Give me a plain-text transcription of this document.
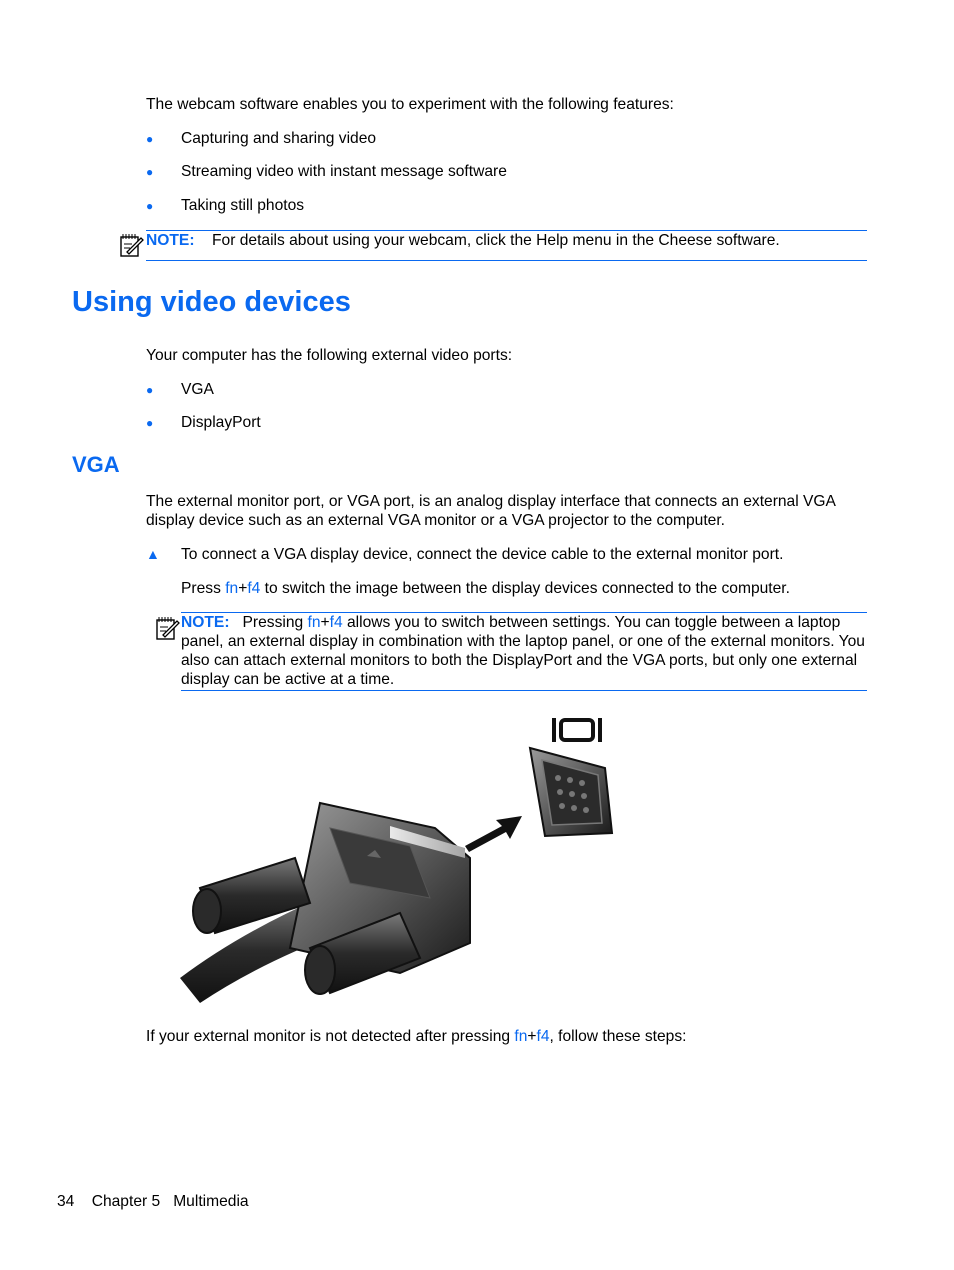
The webcam software enables you to experiment with the following features:
● Capturing and sharing video
● Streaming video with instant message software
● Taking still photos
NOTE: For details about using your webcam, click the Help menu in the Cheese software.
Using video devices
Your computer has the following external video ports:
● VGA
● DisplayPort
VGA
The external monitor port, or VGA port, is an analog display interface that connects an external VGA display device such as an external VGA monitor or a VGA projector to the computer.
▲ To connect a VGA display device, connect the device cable to the external monitor port.
Press fn+f4 to switch the image between the display devices connected to the computer.
NOTE: Pressing fn+f4 allows you to switch between settings. You can toggle between a laptop panel, an external display in combination with the laptop panel, or one of the external monitors. You also can attach external monitors to both the DisplayPort and the VGA ports, but only one external display can be active at a time.
If your external monitor is not detected after pressing fn+f4, follow these steps:
34 Chapter 5 Multimedia
